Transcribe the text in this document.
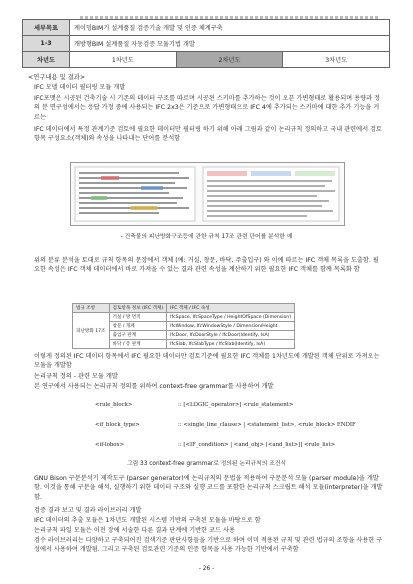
세부목표	게이밍BIM기 설계품질 검증기술 개발 및 인증 체계구축		
1-3	개방형BIM 설계품질 자동검증 모듈기법 개발		
차년도	1차년도	2차년도	3차년도
<연구내용 및 결과>
IFC 모델 데이터 필터링 모듈 개발
IFC포맷은 시공된 건축기술 시 기존의 데이터 구조를 따르며 시공된 스키마를 추가하는 것이 오픈 가변형태로 활용되며 용량과 정의 분 면구성에서는 응답 가정 중에 사용되는 IFC 2x3은 기준으로 가변형태으로 IFC 4에 추가되는 스키마에 대한 추가 기능을 거르는
IFC 데이터에서 특정 관계기준 검토에 필요한 데이터만 필터링 하기 위해 아래 그림과 같이 논리규칙 정의하고 국내 관련에서 검토항목 구성요소(객체)와 속성을 나타내는 단어를 분석함
- 건축물의 피난방화구조등에 관한 규칙 17조 관련 단어를 분석한 예
위의 분류 분석을 토대로 규칙 항목의 문장에서 객체 (예: 거실, 창문, 바닥, 주출입구) 와 이에 따르는 IFC 객체 목록을 도출함. 필요한 속성은 IFC 객체 데이터에서 바로 가져올 수 있는 결과 관련 속성을 계산하기 위한 필요한 IFC 객체를 함께 목록화 함
법규 조항	검토항목 정보 (IFC 객체)	IFC 객체 / IFC 속성
피난방화 17조	거실 / 방 면적	IfcSpace, IfcSpaceType / HeightOfSpace (Dimension)
	창문 / 개폐	IfcWindow, IfcWindowStyle / Dimension/Height
	출입구 관계	IfcDoor, IfcDoorStyle / IfcDoor(Identify, IsA)
	바닥 / 층 관계	IfcSlab, IfcSlabType / IfcSlab(Identify, IsA)
이렇게 정의된 IFC 데이터 항목에서 IFC 필요한 데이터만 검토기준에 필요한 IFC 객체를 1차년도에 개발된 객체 단위로 가져오는 모듈을 개발함
논리규칙 정의 - 관련 모듈 개발
본 연구에서 사용되는 논리규칙 정의를 위하여 context-free grammar를 사용하여 개발
<rule_block>	:: [<LOGIC_operator>] <rule_statement>
<if_block_type>	:: <single_line_clause> | <statement_list>, <rule_block> ENDIF
<if-lobox>	:: [<IF_condition> | <and_obj> [<and_list>]] <rule_list>
그림 33 context-free grammar로 정의된 논리규칙의 조건식
GNU Bison 구문분석기 제작도구 (parser generator)에 논리규칙의 문법을 적용하여 구문분석 모듈 (parser module)을 개발함. 이것을 통해 구문을 해석, 실행하기 위한 데이터 구조와 실행 코드를 포함한 논리규칙 스크립트 해석 모듈(interpreter)을 개발함.
검증 결과 보고 및 결과 라이브러리 개발
IFC 데이터의 추출 모듈은 1차년도 개발된 시스템 기반의 구축된 모듈을 바탕으로 함
논리규칙 파일 모듈은 이전 장에 서술한 다른 결과 단계에 기반한 코드 사용
검수 라이브러리는 다양하고 구축되어진 검색기준 판단사항들을 기반으로 하여 이미 적용된 규칙 및 관련 법규의 조항을 사용한 구성에서 사용하여 개발됨. 그리고 구축된 검토관련 기준의 인증 항목을 사용 가능한 기반에서 구축함
- 26 -
